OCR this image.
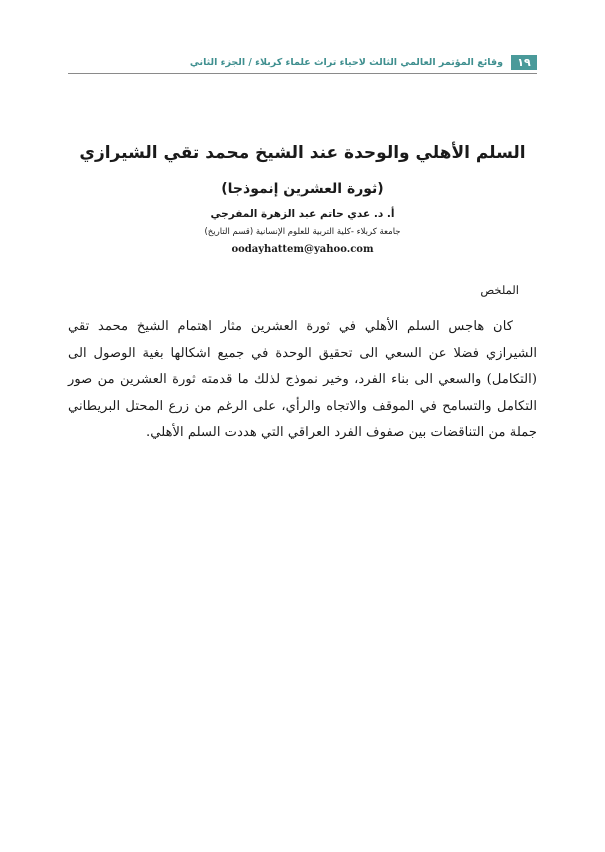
١٩
وقائع المؤتمر العالمي الثالث لاحياء تراث علماء كربلاء / الجزء الثاني
السلم الأهلي والوحدة عند الشيخ محمد تقي الشيرازي
(ثورة العشرين إنموذجا)
أ. د. عدي حاتم عبد الزهرة المفرجي
جامعة كربلاء -كلية التربية للعلوم الإنسانية (قسم التاريخ)
oodayhattem@yahoo.com
الملخص

كان هاجس السلم الأهلي في ثورة العشرين مثار اهتمام الشيخ محمد تقي الشيرازي فضلا عن السعي الى تحقيق الوحدة في جميع اشكالها بغية الوصول الى (التكامل) والسعي الى بناء الفرد، وخير نموذج لذلك ما قدمته ثورة العشرين من صور التكامل والتسامح في الموقف والاتجاه والرأي، على الرغم من زرع المحتل البريطاني جملة من التناقضات بين صفوف الفرد العراقي التي هددت السلم الأهلي.
